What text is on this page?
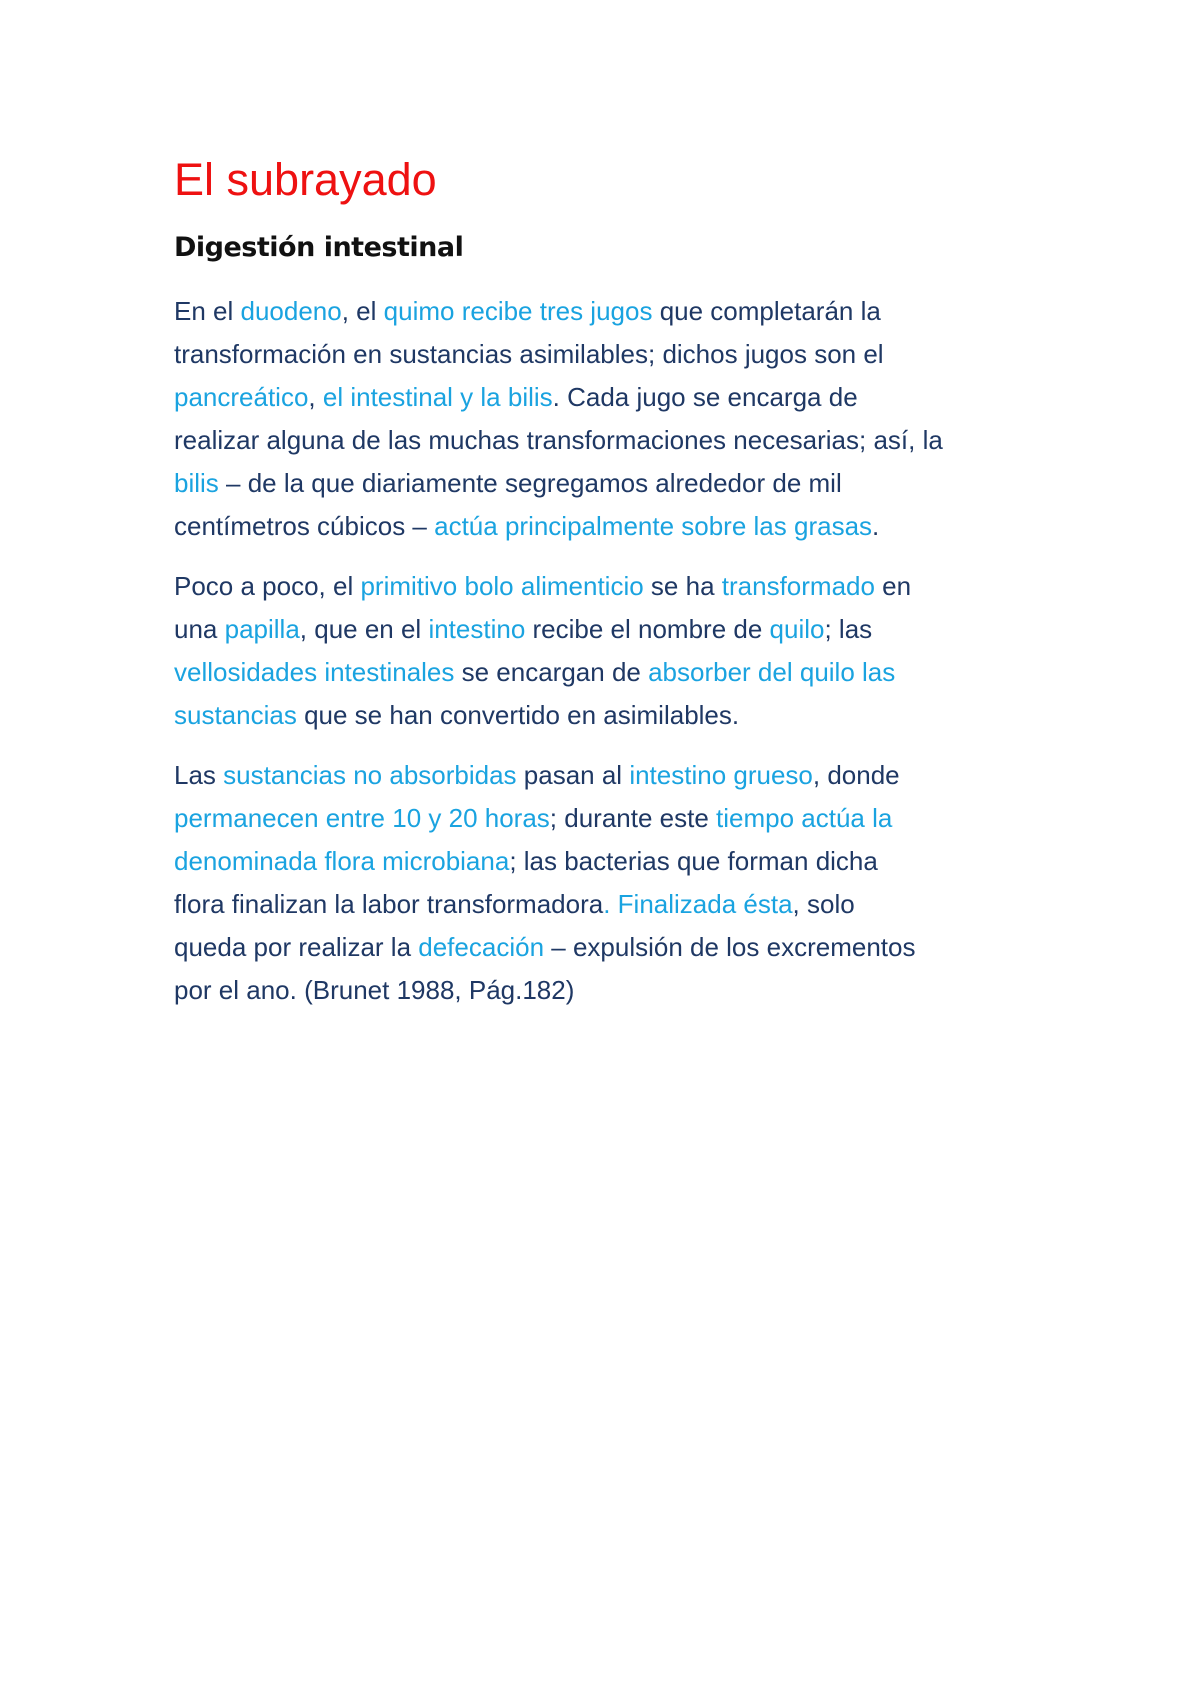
El subrayado
Digestión intestinal

En el duodeno, el quimo recibe tres jugos que completarán la
transformación en sustancias asimilables; dichos jugos son el
pancreático, el intestinal y la bilis. Cada jugo se encarga de
realizar alguna de las muchas transformaciones necesarias; así, la
bilis – de la que diariamente segregamos alrededor de mil
centímetros cúbicos – actúa principalmente sobre las grasas.

Poco a poco, el primitivo bolo alimenticio se ha transformado en
una papilla, que en el intestino recibe el nombre de quilo; las
vellosidades intestinales se encargan de absorber del quilo las
sustancias que se han convertido en asimilables.

Las sustancias no absorbidas pasan al intestino grueso, donde
permanecen entre 10 y 20 horas; durante este tiempo actúa la
denominada flora microbiana; las bacterias que forman dicha
flora finalizan la labor transformadora. Finalizada ésta, solo
queda por realizar la defecación – expulsión de los excrementos
por el ano. (Brunet 1988, Pág.182)
